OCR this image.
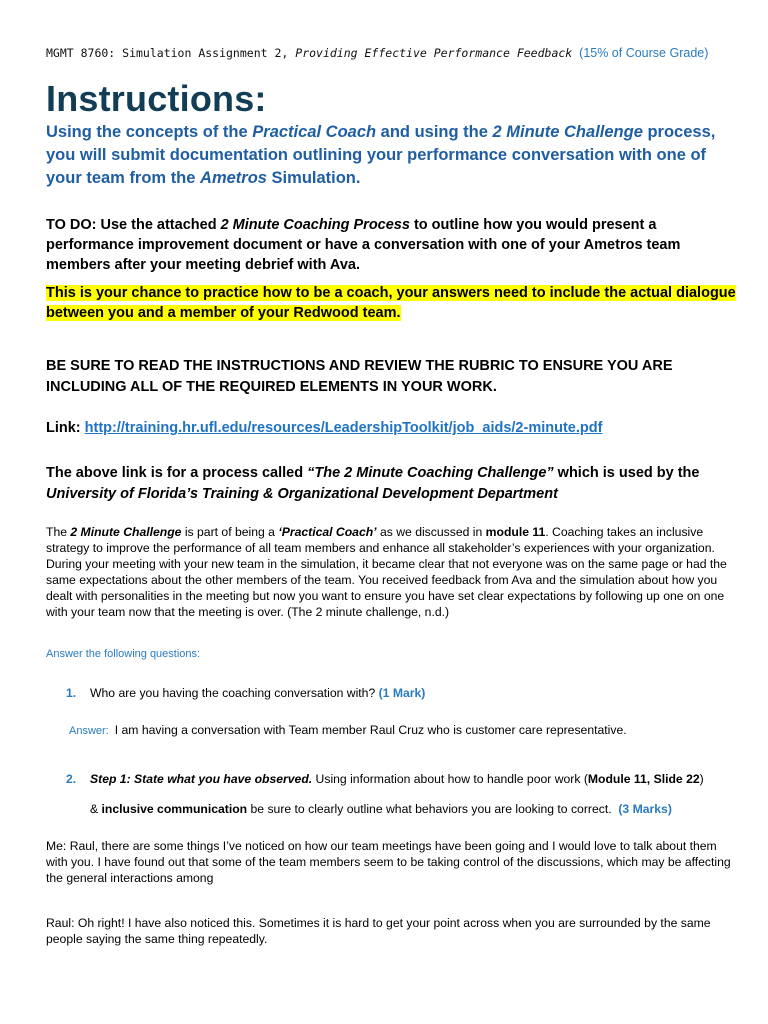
MGMT 8760: Simulation Assignment 2, Providing Effective Performance Feedback (15% of Course Grade)
Instructions:

Using the concepts of the Practical Coach and using the 2 Minute Challenge process, you will submit documentation outlining your performance conversation with one of your team from the Ametros Simulation.

TO DO: Use the attached 2 Minute Coaching Process to outline how you would present a performance improvement document or have a conversation with one of your Ametros team members after your meeting debrief with Ava.

This is your chance to practice how to be a coach, your answers need to include the actual dialogue between you and a member of your Redwood team.

BE SURE TO READ THE INSTRUCTIONS AND REVIEW THE RUBRIC TO ENSURE YOU ARE INCLUDING ALL OF THE REQUIRED ELEMENTS IN YOUR WORK.

Link: http://training.hr.ufl.edu/resources/LeadershipToolkit/job_aids/2-minute.pdf

The above link is for a process called “The 2 Minute Coaching Challenge” which is used by the University of Florida’s Training & Organizational Development Department

The 2 Minute Challenge is part of being a ‘Practical Coach’ as we discussed in module 11. Coaching takes an inclusive strategy to improve the performance of all team members and enhance all stakeholder’s experiences with your organization. During your meeting with your new team in the simulation, it became clear that not everyone was on the same page or had the same expectations about the other members of the team. You received feedback from Ava and the simulation about how you dealt with personalities in the meeting but now you want to ensure you have set clear expectations by following up one on one with your team now that the meeting is over. (The 2 minute challenge, n.d.)

Answer the following questions:

1. Who are you having the coaching conversation with? (1 Mark)

Answer: I am having a conversation with Team member Raul Cruz who is customer care representative.

2. Step 1: State what you have observed. Using information about how to handle poor work (Module 11, Slide 22)

& inclusive communication be sure to clearly outline what behaviors you are looking to correct. (3 Marks)

Me: Raul, there are some things I’ve noticed on how our team meetings have been going and I would love to talk about them with you. I have found out that some of the team members seem to be taking control of the discussions, which may be affecting the general interactions among

Raul: Oh right! I have also noticed this. Sometimes it is hard to get your point across when you are surrounded by the same people saying the same thing repeatedly.
